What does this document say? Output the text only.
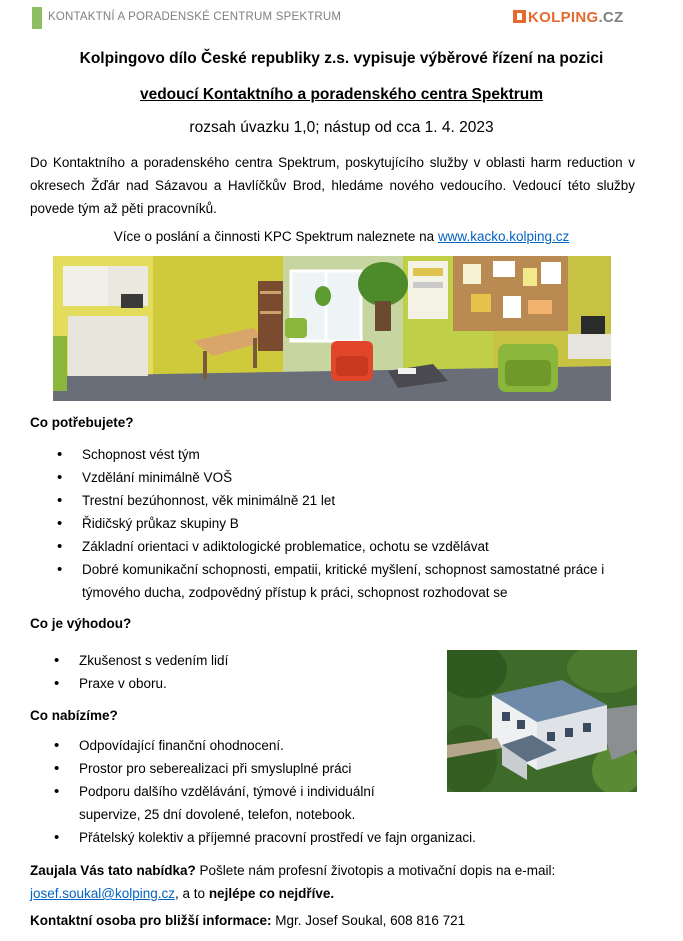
KONTAKTNÍ A PORADENSKÉ CENTRUM SPEKTRUM	KOLPING.CZ
Kolpingovo dílo České republiky z.s. vypisuje výběrové řízení na pozici
vedoucí Kontaktního a poradenského centra Spektrum
rozsah úvazku 1,0; nástup od cca 1. 4. 2023
Do Kontaktního a poradenského centra Spektrum, poskytujícího služby v oblasti harm reduction v okresech Žďár nad Sázavou a Havlíčkův Brod, hledáme nového vedoucího. Vedoucí této služby povede tým až pěti pracovníků.
Více o poslání a činnosti KPC Spektrum naleznete na www.kacko.kolping.cz
Co potřebujete?
• Schopnost vést tým
• Vzdělání minimálně VOŠ
• Trestní bezúhonnost, věk minimálně 21 let
• Řidičský průkaz skupiny B
• Základní orientaci v adiktologické problematice, ochotu se vzdělávat
• Dobré komunikační schopnosti, empatii, kritické myšlení, schopnost samostatné práce i týmového ducha, zodpovědný přístup k práci, schopnost rozhodovat se
Co je výhodou?
• Zkušenost s vedením lidí
• Praxe v oboru.
Co nabízíme?
• Odpovídající finanční ohodnocení.
• Prostor pro seberealizaci při smysluplné práci
• Podporu dalšího vzdělávání, týmové i individuální supervize, 25 dní dovolené, telefon, notebook.
• Přátelský kolektiv a příjemné pracovní prostředí ve fajn organizaci.
Zaujala Vás tato nabídka? Pošlete nám profesní životopis a motivační dopis na e-mail:
josef.soukal@kolping.cz, a to nejlépe co nejdříve.
Kontaktní osoba pro bližší informace: Mgr. Josef Soukal, 608 816 721
